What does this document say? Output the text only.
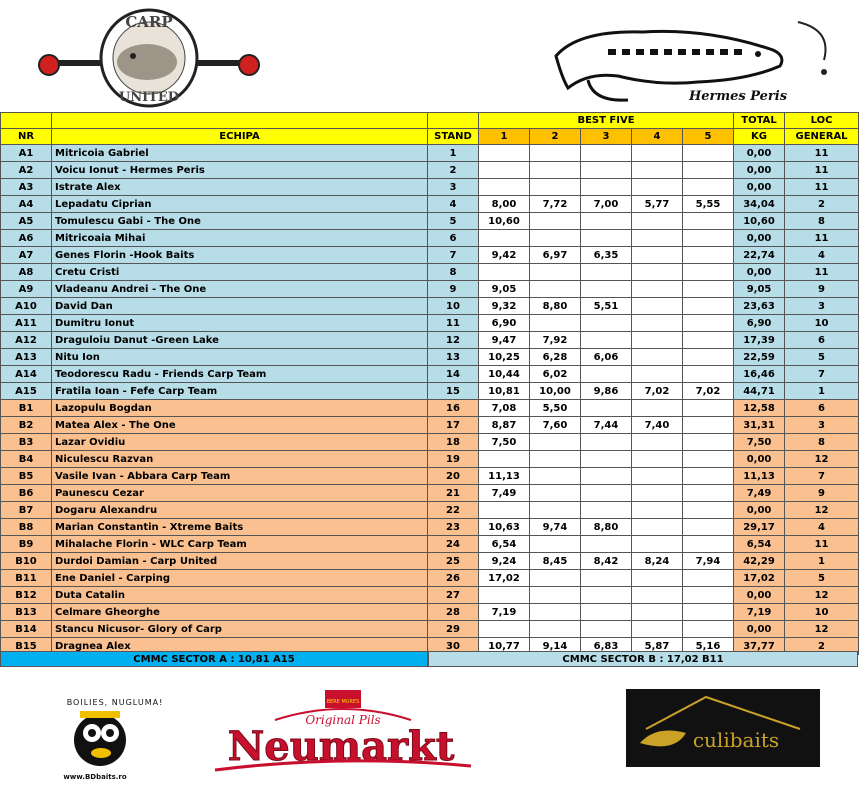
CARP
UNITED	Hermes Peris
			BEST FIVE					TOTAL	LOC
NR	ECHIPA	STAND	1	2	3	4	5	KG	GENERAL
A1	Mitricoia Gabriel	1						0,00	11
A2	Voicu Ionut - Hermes Peris	2						0,00	11
A3	Istrate Alex	3						0,00	11
A4	Lepadatu Ciprian	4	8,00	7,72	7,00	5,77	5,55	34,04	2
A5	Tomulescu Gabi - The One	5	10,60					10,60	8
A6	Mitricoaia Mihai	6						0,00	11
A7	Genes Florin -Hook Baits	7	9,42	6,97	6,35			22,74	4
A8	Cretu Cristi	8						0,00	11
A9	Vladeanu Andrei - The One	9	9,05					9,05	9
A10	David Dan	10	9,32	8,80	5,51			23,63	3
A11	Dumitru Ionut	11	6,90					6,90	10
A12	Draguloiu Danut -Green Lake	12	9,47	7,92				17,39	6
A13	Nitu Ion	13	10,25	6,28	6,06			22,59	5
A14	Teodorescu Radu - Friends Carp Team	14	10,44	6,02				16,46	7
A15	Fratila Ioan - Fefe Carp Team	15	10,81	10,00	9,86	7,02	7,02	44,71	1
B1	Lazopulu Bogdan	16	7,08	5,50				12,58	6
B2	Matea Alex - The One	17	8,87	7,60	7,44	7,40		31,31	3
B3	Lazar Ovidiu	18	7,50					7,50	8
B4	Niculescu Razvan	19						0,00	12
B5	Vasile Ivan - Abbara Carp Team	20	11,13					11,13	7
B6	Paunescu Cezar	21	7,49					7,49	9
B7	Dogaru Alexandru	22						0,00	12
B8	Marian Constantin - Xtreme Baits	23	10,63	9,74	8,80			29,17	4
B9	Mihalache Florin - WLC Carp Team	24	6,54					6,54	11
B10	Durdoi Damian - Carp United	25	9,24	8,45	8,42	8,24	7,94	42,29	1
B11	Ene Daniel - Carping	26	17,02					17,02	5
B12	Duta Catalin	27						0,00	12
B13	Celmare Gheorghe	28	7,19					7,19	10
B14	Stancu Nicusor- Glory of Carp	29						0,00	12
B15	Dragnea Alex	30	10,77	9,14	6,83	5,87	5,16	37,77	2
CMMC SECTOR A : 10,81 A15	CMMC SECTOR B : 17,02 B11
BOILIES, NUGLUMA!
www.BDbaits.ro
BERE MURES
Original Pils
Neumarkt	culibaits
